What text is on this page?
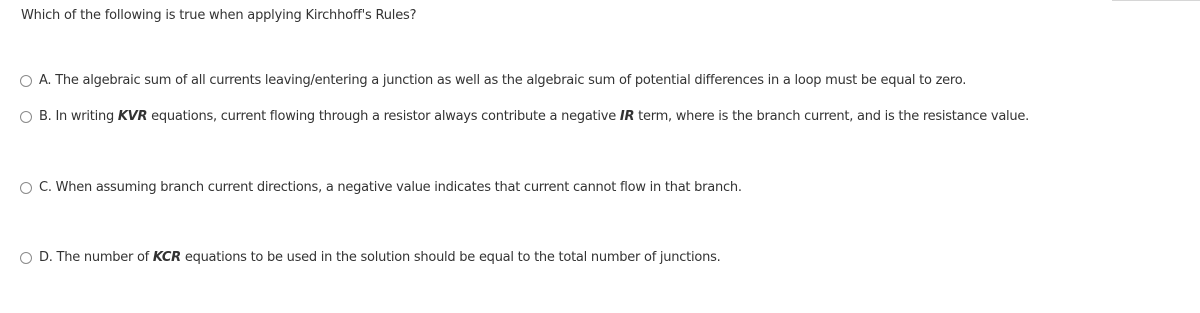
Which of the following is true when applying Kirchhoff's Rules?
A. The algebraic sum of all currents leaving/entering a junction as well as the algebraic sum of potential differences in a loop must be equal to zero.
B. In writing KVR equations, current flowing through a resistor always contribute a negative IR term, where is the branch current, and is the resistance value.
C. When assuming branch current directions, a negative value indicates that current cannot flow in that branch.
D. The number of KCR equations to be used in the solution should be equal to the total number of junctions.
